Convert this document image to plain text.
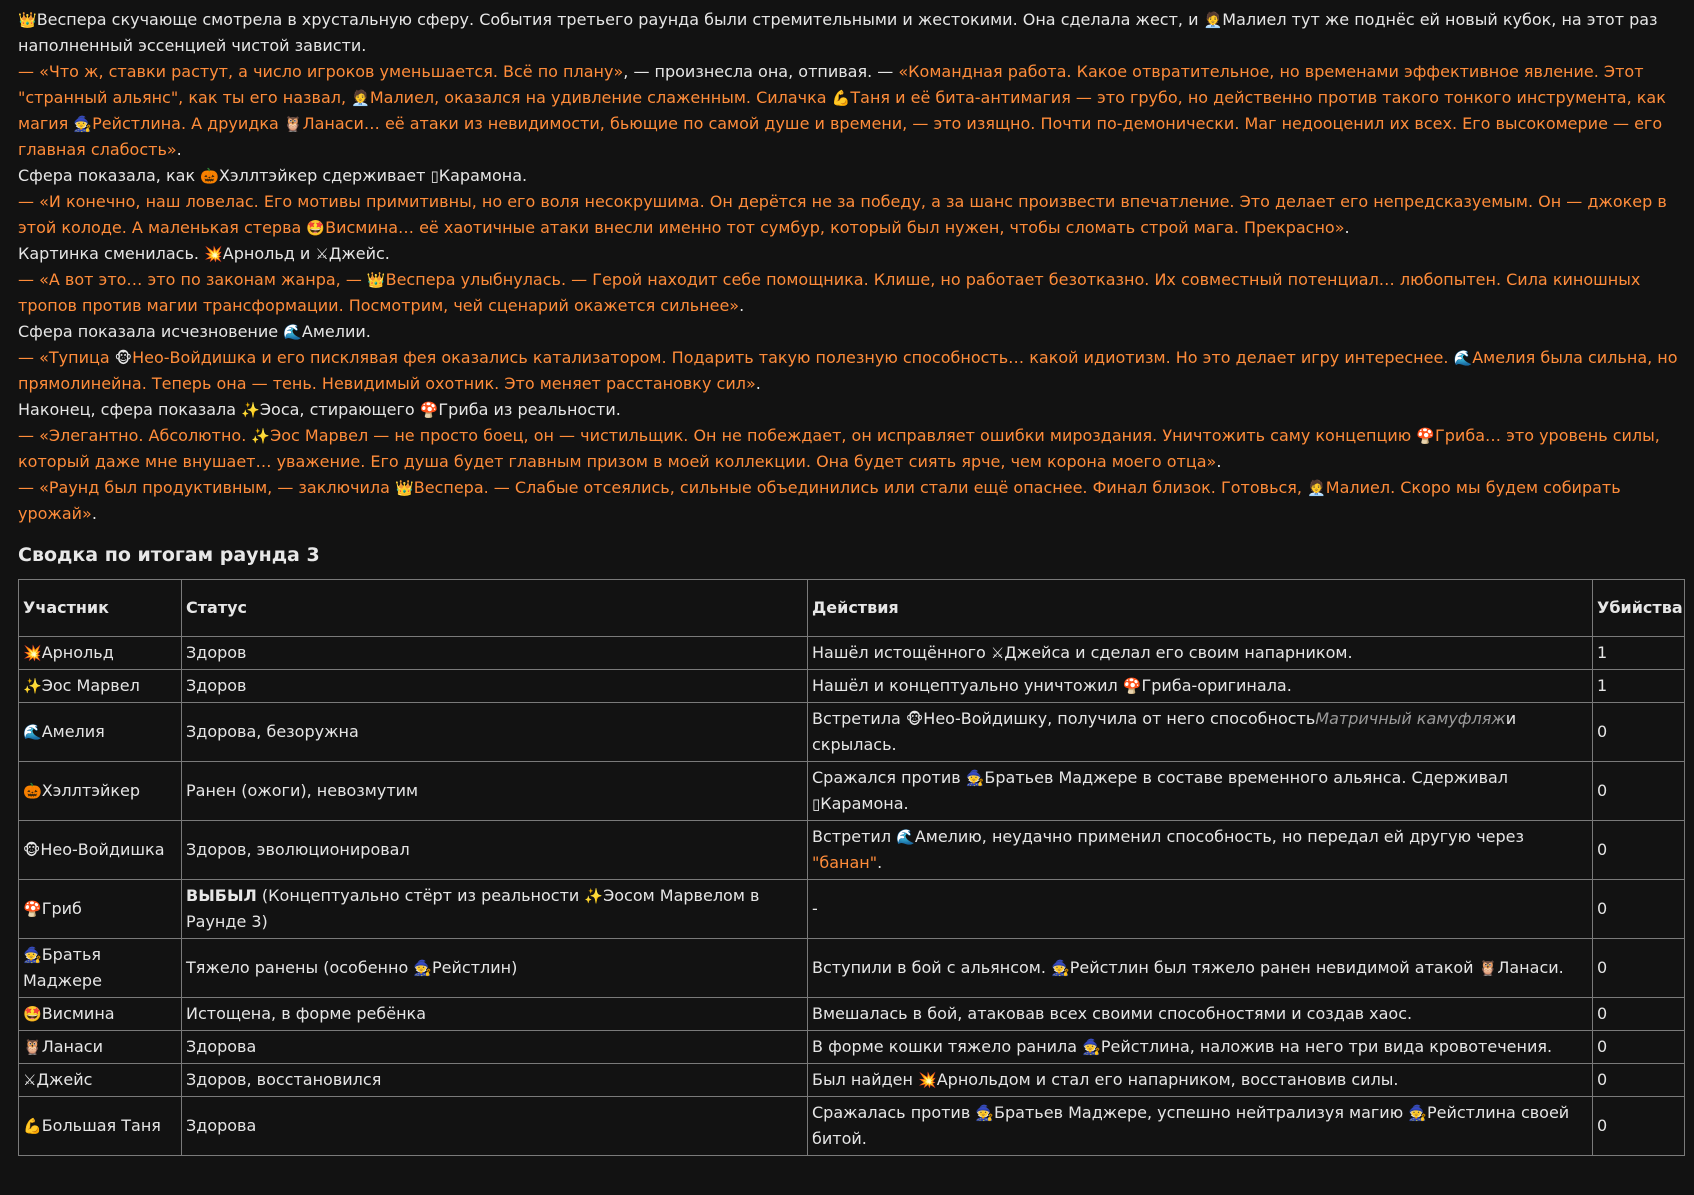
👑Веспера скучающе смотрела в хрустальную сферу. События третьего раунда были стремительными и жестокими. Она сделала жест, и 🧑‍💼Малиел тут же поднёс ей новый кубок, на этот раз наполненный эссенцией чистой зависти.

— «Что ж, ставки растут, а число игроков уменьшается. Всё по плану», — произнесла она, отпивая. — «Командная работа. Какое отвратительное, но временами эффективное явление. Этот "странный альянс", как ты его назвал, 🧑‍💼Малиел, оказался на удивление слаженным. Силачка 💪Таня и её бита-антимагия — это грубо, но действенно против такого тонкого инструмента, как магия 🧙Рейстлина. А друидка 🦉Ланаси… её атаки из невидимости, бьющие по самой душе и времени, — это изящно. Почти по-демонически. Маг недооценил их всех. Его высокомерие — его главная слабость».

Сфера показала, как 🎃Хэллтэйкер сдерживает ▯Карамона.

— «И конечно, наш ловелас. Его мотивы примитивны, но его воля несокрушима. Он дерётся не за победу, а за шанс произвести впечатление. Это делает его непредсказуемым. Он — джокер в этой колоде. А маленькая стерва 🤩Висмина… её хаотичные атаки внесли именно тот сумбур, который был нужен, чтобы сломать строй мага. Прекрасно».

Картинка сменилась. 💥Арнольд и ⚔Джейс.

— «А вот это… это по законам жанра, — 👑Веспера улыбнулась. — Герой находит себе помощника. Клише, но работает безотказно. Их совместный потенциал… любопытен. Сила киношных тропов против магии трансформации. Посмотрим, чей сценарий окажется сильнее».

Сфера показала исчезновение 🌊Амелии.

— «Тупица 🐵Нео-Войдишка и его писклявая фея оказались катализатором. Подарить такую полезную способность… какой идиотизм. Но это делает игру интереснее. 🌊Амелия была сильна, но прямолинейна. Теперь она — тень. Невидимый охотник. Это меняет расстановку сил».

Наконец, сфера показала ✨Эоса, стирающего 🍄Гриба из реальности.

— «Элегантно. Абсолютно. ✨Эос Марвел — не просто боец, он — чистильщик. Он не побеждает, он исправляет ошибки мироздания. Уничтожить саму концепцию 🍄Гриба… это уровень силы, который даже мне внушает… уважение. Его душа будет главным призом в моей коллекции. Она будет сиять ярче, чем корона моего отца».

— «Раунд был продуктивным, — заключила 👑Веспера. — Слабые отсеялись, сильные объединились или стали ещё опаснее. Финал близок. Готовься, 🧑‍💼Малиел. Скоро мы будем собирать урожай».

Сводка по итогам раунда 3
Участник	Статус	Действия	Убийства
💥Арнольд	Здоров	Нашёл истощённого ⚔Джейса и сделал его своим напарником.	1
✨Эос Марвел	Здоров	Нашёл и концептуально уничтожил 🍄Гриба-оригинала.	1
🌊Амелия	Здорова, безоружна	Встретила 🐵Нео-Войдишку, получила от него способностьМатричный камуфляжи скрылась.	0
🎃Хэллтэйкер	Ранен (ожоги), невозмутим	Сражался против 🧙Братьев Маджере в составе временного альянса. Сдерживал ▯Карамона.	0
🐵Нео-Войдишка	Здоров, эволюционировал	Встретил 🌊Амелию, неудачно применил способность, но передал ей другую через "банан".	0
🍄Гриб	ВЫБЫЛ (Концептуально стёрт из реальности ✨Эосом Марвелом в Раунде 3)	-	0
🧙Братья Маджере	Тяжело ранены (особенно 🧙Рейстлин)	Вступили в бой с альянсом. 🧙Рейстлин был тяжело ранен невидимой атакой 🦉Ланаси.	0
🤩Висмина	Истощена, в форме ребёнка	Вмешалась в бой, атаковав всех своими способностями и создав хаос.	0
🦉Ланаси	Здорова	В форме кошки тяжело ранила 🧙Рейстлина, наложив на него три вида кровотечения.	0
⚔Джейс	Здоров, восстановился	Был найден 💥Арнольдом и стал его напарником, восстановив силы.	0
💪Большая Таня	Здорова	Сражалась против 🧙Братьев Маджере, успешно нейтрализуя магию 🧙Рейстлина своей битой.	0
